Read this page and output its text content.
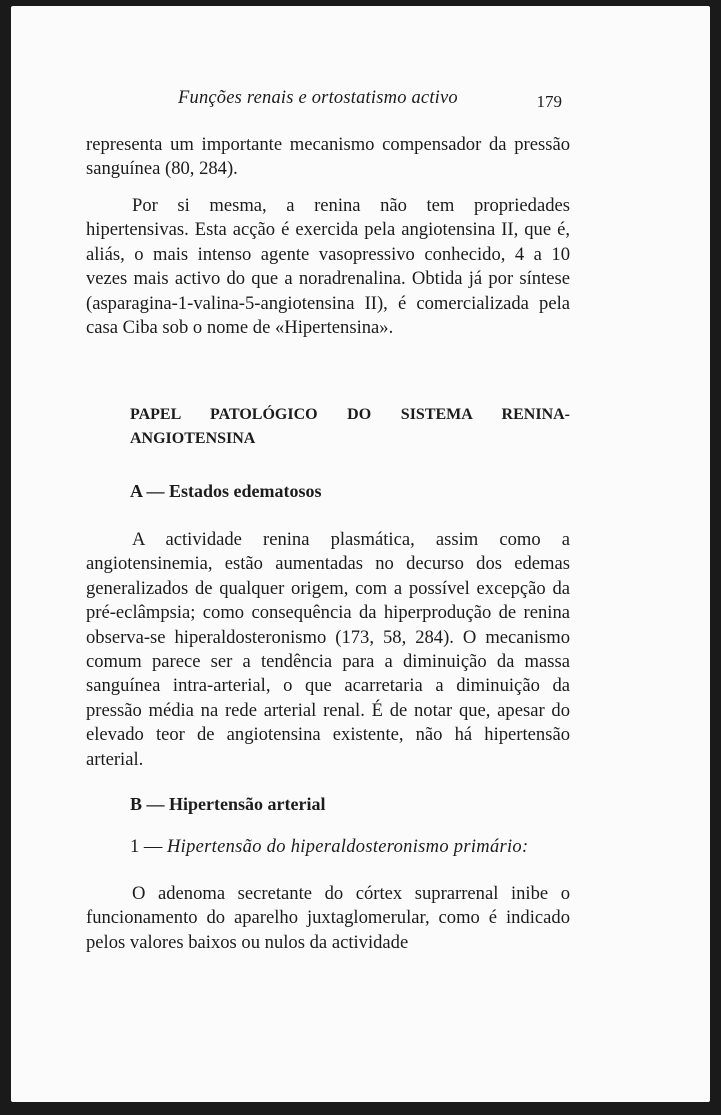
Funções renais e ortostatismo activo	179

representa um importante mecanismo compensador da pressão sanguínea (80, 284).

Por si mesma, a renina não tem propriedades hipertensivas. Esta acção é exercida pela angiotensina II, que é, aliás, o mais intenso agente vasopressivo conhecido, 4 a 10 vezes mais activo do que a noradrenalina. Obtida já por síntese (asparagina-1-valina-5-angiotensina II), é comercializada pela casa Ciba sob o nome de «Hipertensina».

PAPEL PATOLÓGICO DO SISTEMA RENINA-ANGIOTENSINA
A — Estados edematosos

A actividade renina plasmática, assim como a angiotensinemia, estão aumentadas no decurso dos edemas generalizados de qualquer origem, com a possível excepção da pré-eclâmpsia; como consequência da hiperprodução de renina observa-se hiperaldosteronismo (173, 58, 284). O mecanismo comum parece ser a tendência para a diminuição da massa sanguínea intra-arterial, o que acarretaria a diminuição da pressão média na rede arterial renal. É de notar que, apesar do elevado teor de angiotensina existente, não há hipertensão arterial.

B — Hipertensão arterial
1 — Hipertensão do hiperaldosteronismo primário:

O adenoma secretante do córtex suprarrenal inibe o funcionamento do aparelho juxtaglomerular, como é indicado pelos valores baixos ou nulos da actividade
